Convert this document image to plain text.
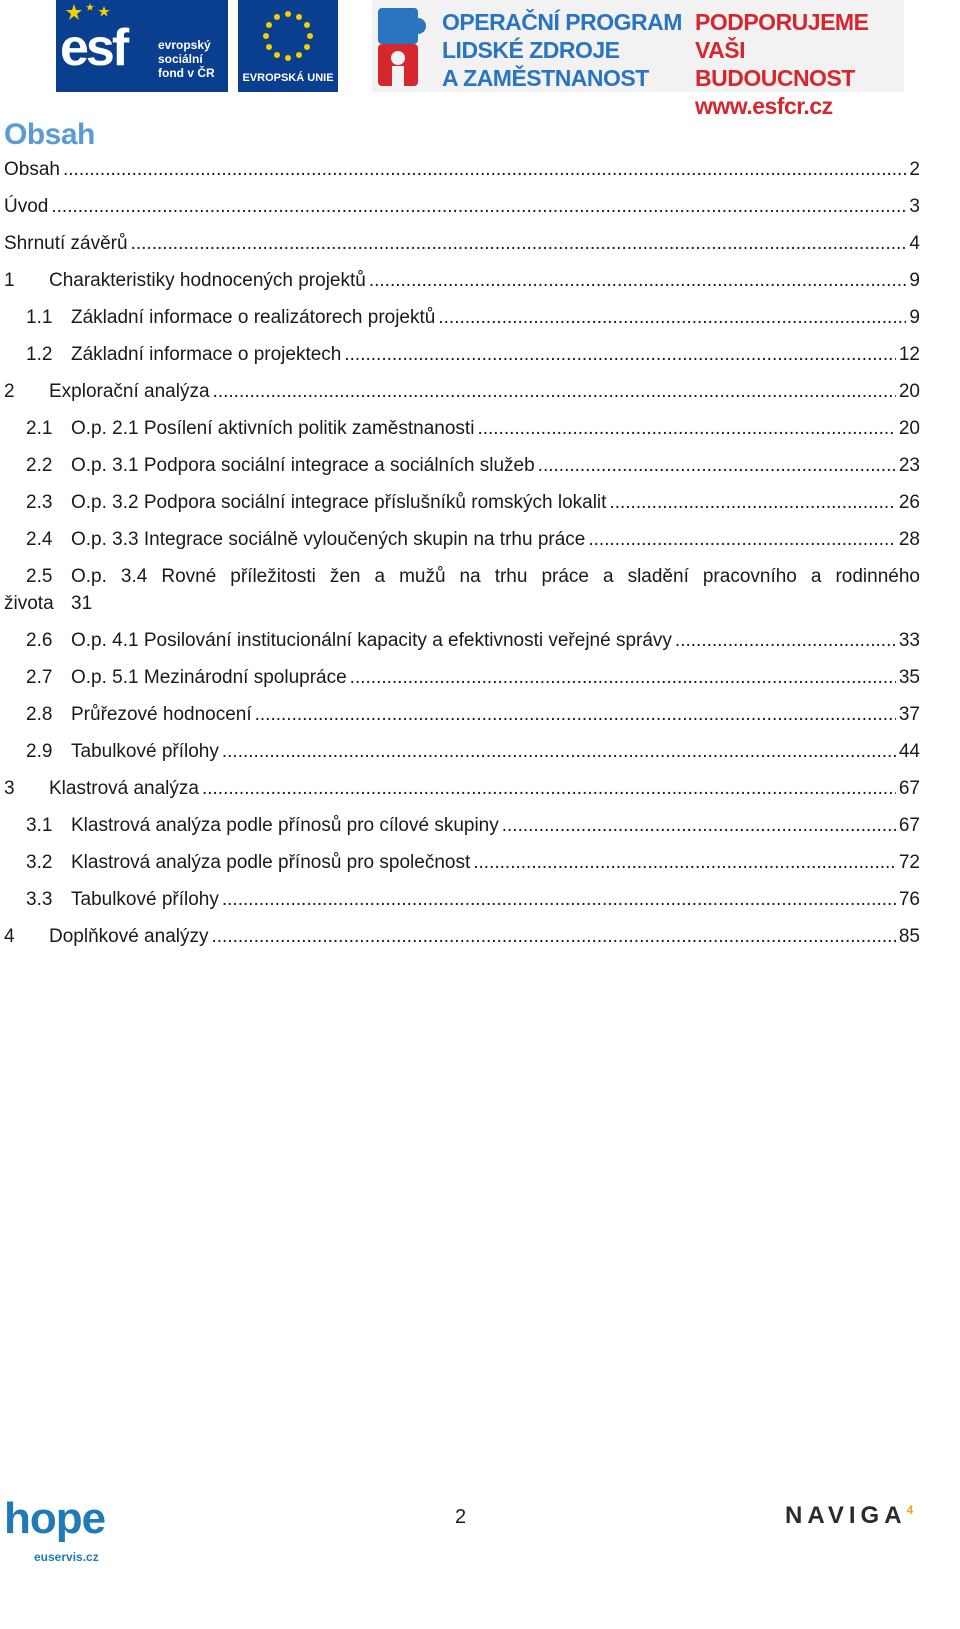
esf	evropský
sociální
fond v ČR	EVROPSKÁ UNIE
OPERAČNÍ PROGRAM
LIDSKÉ ZDROJE
A ZAMĚSTNANOST
PODPORUJEME
VAŠI BUDOUCNOST
www.esfcr.cz
Obsah
Obsah .....	2
Úvod .....	3
Shrnutí závěrů .....	4
1	Charakteristiky hodnocených projektů .....	9
1.1 Základní informace o realizátorech projektů .....	9
1.2 Základní informace o projektech .....	12
2	Explorační analýza .....	20
2.1 O.p. 2.1 Posílení aktivních politik zaměstnanosti .....	20
2.2 O.p. 3.1 Podpora sociální integrace a sociálních služeb .....	23
2.3 O.p. 3.2 Podpora sociální integrace příslušníků romských lokalit .....	26
2.4 O.p. 3.3 Integrace sociálně vyloučených skupin na trhu práce .....	28
2.5 O.p. 3.4 Rovné příležitosti žen a mužů na trhu práce a sladění pracovního a rodinného
života 31
2.6 O.p. 4.1 Posilování institucionální kapacity a efektivnosti veřejné správy .....	33
2.7 O.p. 5.1 Mezinárodní spolupráce .....	35
2.8 Průřezové hodnocení .....	37
2.9 Tabulkové přílohy .....	44
3	Klastrová analýza .....	67
3.1 Klastrová analýza podle přínosů pro cílové skupiny .....	67
3.2 Klastrová analýza podle přínosů pro společnost .....	72
3.3 Tabulkové přílohy .....	76
4	Doplňkové analýzy .....	85
hope
euservis.cz
2	NAVIGA$^4$
